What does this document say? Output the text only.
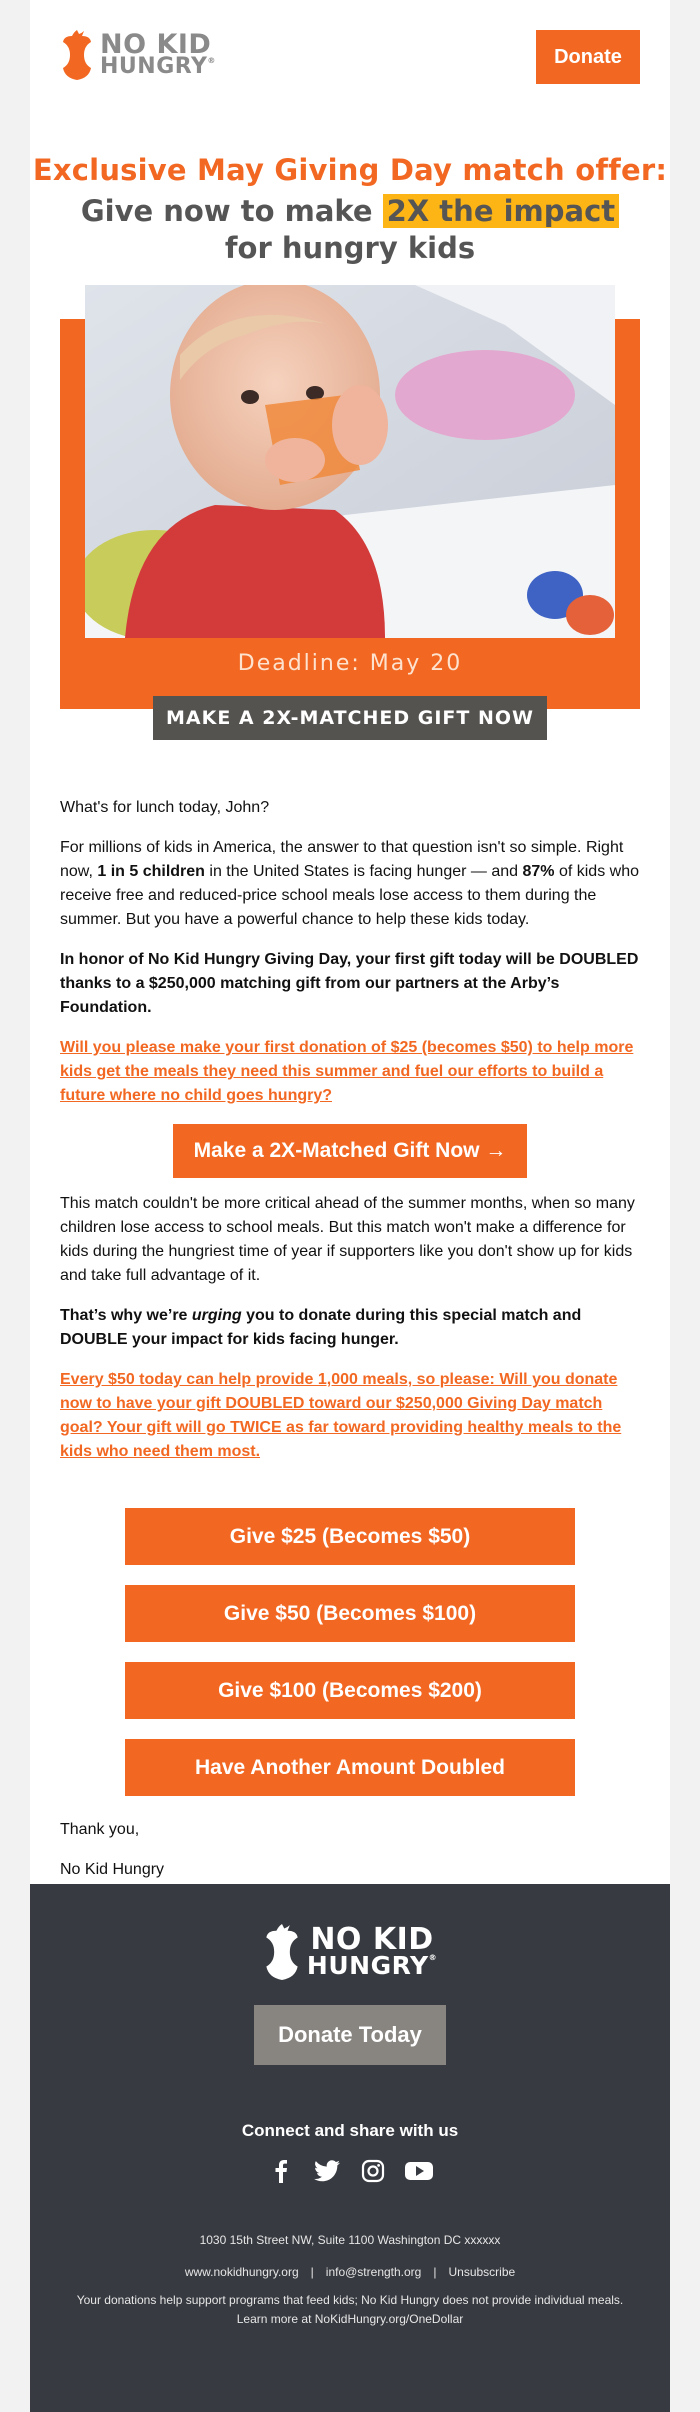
NO KID
HUNGRY®	Donate
Exclusive May Giving Day match offer:
Give now to make 2X the impact
for hungry kids
Deadline: May 20
MAKE A 2X-MATCHED GIFT NOW

What's for lunch today, John?

For millions of kids in America, the answer to that question isn't so simple. Right now, 1 in 5 children in the United States is facing hunger — and 87% of kids who receive free and reduced-price school meals lose access to them during the summer. But you have a powerful chance to help these kids today.

In honor of No Kid Hungry Giving Day, your first gift today will be DOUBLED thanks to a $250,000 matching gift from our partners at the Arby’s Foundation.

Will you please make your first donation of $25 (becomes $50) to help more kids get the meals they need this summer and fuel our efforts to build a future where no child goes hungry?

Make a 2X-Matched Gift Now →

This match couldn't be more critical ahead of the summer months, when so many children lose access to school meals. But this match won't make a difference for kids during the hungriest time of year if supporters like you don't show up for kids and take full advantage of it.

That’s why we’re urging you to donate during this special match and DOUBLE your impact for kids facing hunger.

Every $50 today can help provide 1,000 meals, so please: Will you donate now to have your gift DOUBLED toward our $250,000 Giving Day match goal? Your gift will go TWICE as far toward providing healthy meals to the kids who need them most.

Give $25 (Becomes $50)
Give $50 (Becomes $100)
Give $100 (Becomes $200)
Have Another Amount Doubled

Thank you,

No Kid Hungry

NO KID
HUNGRY®
Donate Today
Connect and share with us
1030 15th Street NW, Suite 1100 Washington DC xxxxxx
www.nokidhungry.org | info@strength.org | Unsubscribe
Your donations help support programs that feed kids; No Kid Hungry does not provide individual meals.
Learn more at NoKidHungry.org/OneDollar
